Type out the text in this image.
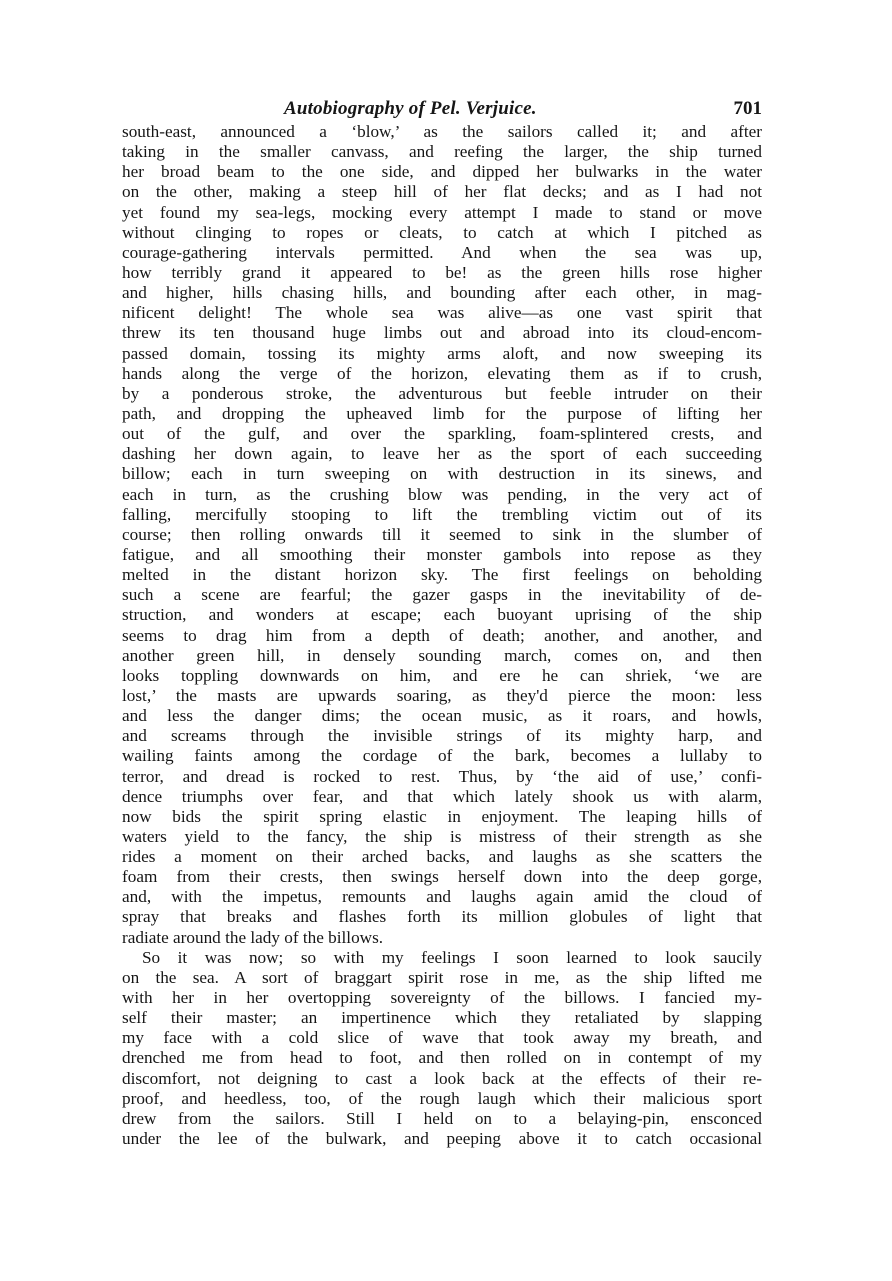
Autobiography of Pel. Verjuice.	701
south-east, announced a ‘blow,’ as the sailors called it; and after
taking in the smaller canvass, and reefing the larger, the ship turned
her broad beam to the one side, and dipped her bulwarks in the water
on the other, making a steep hill of her flat decks; and as I had not
yet found my sea-legs, mocking every attempt I made to stand or move
without clinging to ropes or cleats, to catch at which I pitched as
courage-gathering intervals permitted. And when the sea was up,
how terribly grand it appeared to be! as the green hills rose higher
and higher, hills chasing hills, and bounding after each other, in mag-
nificent delight! The whole sea was alive—as one vast spirit that
threw its ten thousand huge limbs out and abroad into its cloud-encom-
passed domain, tossing its mighty arms aloft, and now sweeping its
hands along the verge of the horizon, elevating them as if to crush,
by a ponderous stroke, the adventurous but feeble intruder on their
path, and dropping the upheaved limb for the purpose of lifting her
out of the gulf, and over the sparkling, foam-splintered crests, and
dashing her down again, to leave her as the sport of each succeeding
billow; each in turn sweeping on with destruction in its sinews, and
each in turn, as the crushing blow was pending, in the very act of
falling, mercifully stooping to lift the trembling victim out of its
course; then rolling onwards till it seemed to sink in the slumber of
fatigue, and all smoothing their monster gambols into repose as they
melted in the distant horizon sky. The first feelings on beholding
such a scene are fearful; the gazer gasps in the inevitability of de-
struction, and wonders at escape; each buoyant uprising of the ship
seems to drag him from a depth of death; another, and another, and
another green hill, in densely sounding march, comes on, and then
looks toppling downwards on him, and ere he can shriek, ‘we are
lost,’ the masts are upwards soaring, as they'd pierce the moon: less
and less the danger dims; the ocean music, as it roars, and howls,
and screams through the invisible strings of its mighty harp, and
wailing faints among the cordage of the bark, becomes a lullaby to
terror, and dread is rocked to rest. Thus, by ‘the aid of use,’ confi-
dence triumphs over fear, and that which lately shook us with alarm,
now bids the spirit spring elastic in enjoyment. The leaping hills of
waters yield to the fancy, the ship is mistress of their strength as she
rides a moment on their arched backs, and laughs as she scatters the
foam from their crests, then swings herself down into the deep gorge,
and, with the impetus, remounts and laughs again amid the cloud of
spray that breaks and flashes forth its million globules of light that
radiate around the lady of the billows.
So it was now; so with my feelings I soon learned to look saucily
on the sea. A sort of braggart spirit rose in me, as the ship lifted me
with her in her overtopping sovereignty of the billows. I fancied my-
self their master; an impertinence which they retaliated by slapping
my face with a cold slice of wave that took away my breath, and
drenched me from head to foot, and then rolled on in contempt of my
discomfort, not deigning to cast a look back at the effects of their re-
proof, and heedless, too, of the rough laugh which their malicious sport
drew from the sailors. Still I held on to a belaying-pin, ensconced
under the lee of the bulwark, and peeping above it to catch occasional
